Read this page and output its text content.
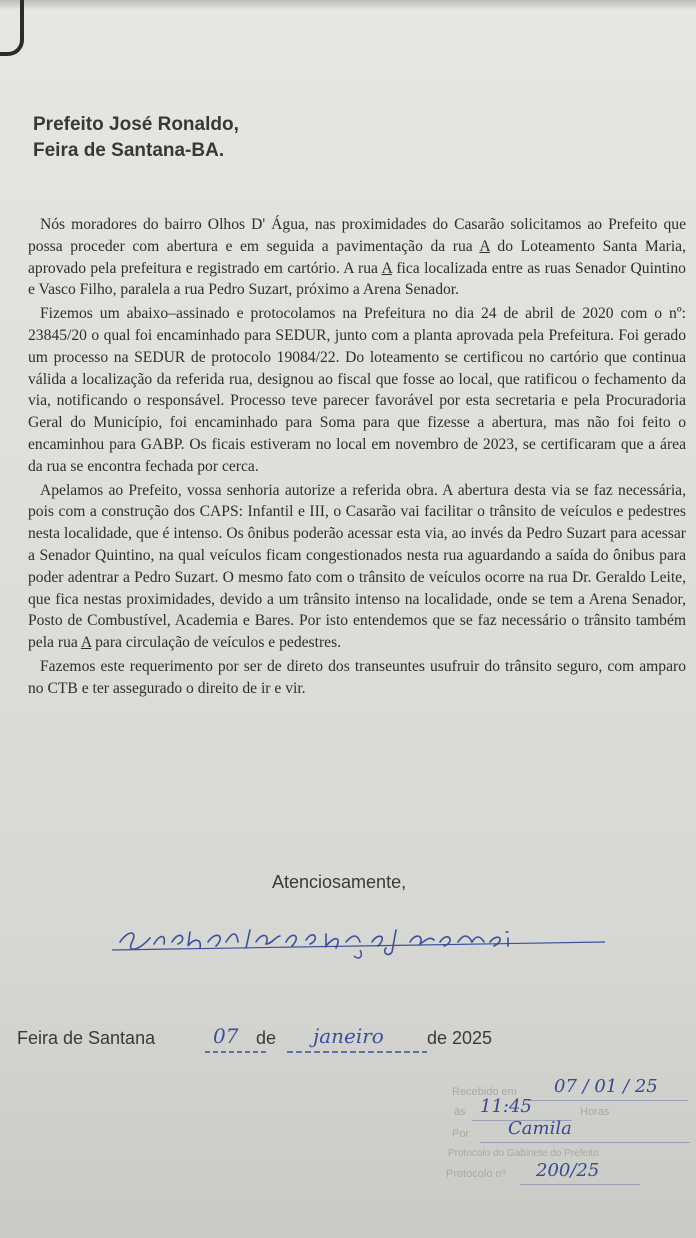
Prefeito José Ronaldo,
Feira de Santana-BA.

Nós moradores do bairro Olhos D' Água, nas proximidades do Casarão solicitamos ao Prefeito que possa proceder com abertura e em seguida a pavimentação da rua A do Loteamento Santa Maria, aprovado pela prefeitura e registrado em cartório. A rua A fica localizada entre as ruas Senador Quintino e Vasco Filho, paralela a rua Pedro Suzart, próximo a Arena Senador.

Fizemos um abaixo–assinado e protocolamos na Prefeitura no dia 24 de abril de 2020 com o nº: 23845/20 o qual foi encaminhado para SEDUR, junto com a planta aprovada pela Prefeitura. Foi gerado um processo na SEDUR de protocolo 19084/22. Do loteamento se certificou no cartório que continua válida a localização da referida rua, designou ao fiscal que fosse ao local, que ratificou o fechamento da via, notificando o responsável. Processo teve parecer favorável por esta secretaria e pela Procuradoria Geral do Município, foi encaminhado para Soma para que fizesse a abertura, mas não foi feito o encaminhou para GABP. Os ficais estiveram no local em novembro de 2023, se certificaram que a área da rua se encontra fechada por cerca.

Apelamos ao Prefeito, vossa senhoria autorize a referida obra. A abertura desta via se faz necessária, pois com a construção dos CAPS: Infantil e III, o Casarão vai facilitar o trânsito de veículos e pedestres nesta localidade, que é intenso. Os ônibus poderão acessar esta via, ao invés da Pedro Suzart para acessar a Senador Quintino, na qual veículos ficam congestionados nesta rua aguardando a saída do ônibus para poder adentrar a Pedro Suzart. O mesmo fato com o trânsito de veículos ocorre na rua Dr. Geraldo Leite, que fica nestas proximidades, devido a um trânsito intenso na localidade, onde se tem a Arena Senador, Posto de Combustível, Academia e Bares. Por isto entendemos que se faz necessário o trânsito também pela rua A para circulação de veículos e pedestres.

Fazemos este requerimento por ser de direto dos transeuntes usufruir do trânsito seguro, com amparo no CTB e ter assegurado o direito de ir e vir.

Atenciosamente,
Feira de Santana	07 de janeiro de 2025
Recebido em 07 / 01 / 25
às 11:45	Horas
Por Camila
Protocolo do Gabinete do Prefeito
Protocolo nº 200/25
